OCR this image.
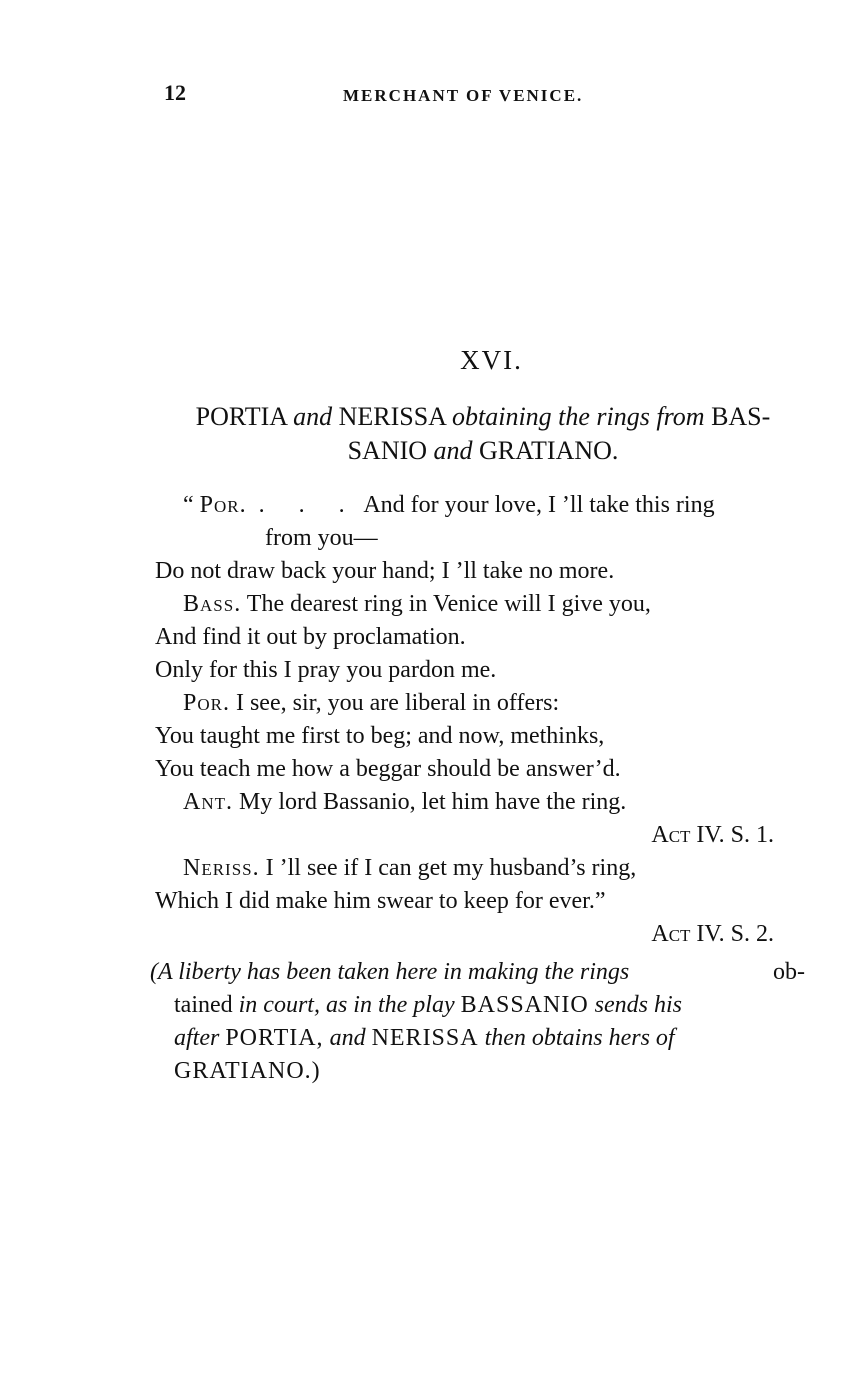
12	MERCHANT OF VENICE.
XVI.
PORTIA and NERISSA obtaining the rings from BAS-
SANIO and GRATIANO.
“ Por. . . . And for your love, I ’ll take this ring
from you—
Do not draw back your hand; I ’ll take no more.
Bass. The dearest ring in Venice will I give you,
And find it out by proclamation.
Only for this I pray you pardon me.
Por. I see, sir, you are liberal in offers:
You taught me first to beg; and now, methinks,
You teach me how a beggar should be answer’d.
Ant. My lord Bassanio, let him have the ring.
Act IV. S. 1.
Neriss. I ’ll see if I can get my husband’s ring,
Which I did make him swear to keep for ever.”
Act IV. S. 2.
(A liberty has been taken here in making the rings	ob-
tained in court, as in the play BASSANIO sends his
after PORTIA, and NERISSA then obtains hers of
GRATIANO.)
